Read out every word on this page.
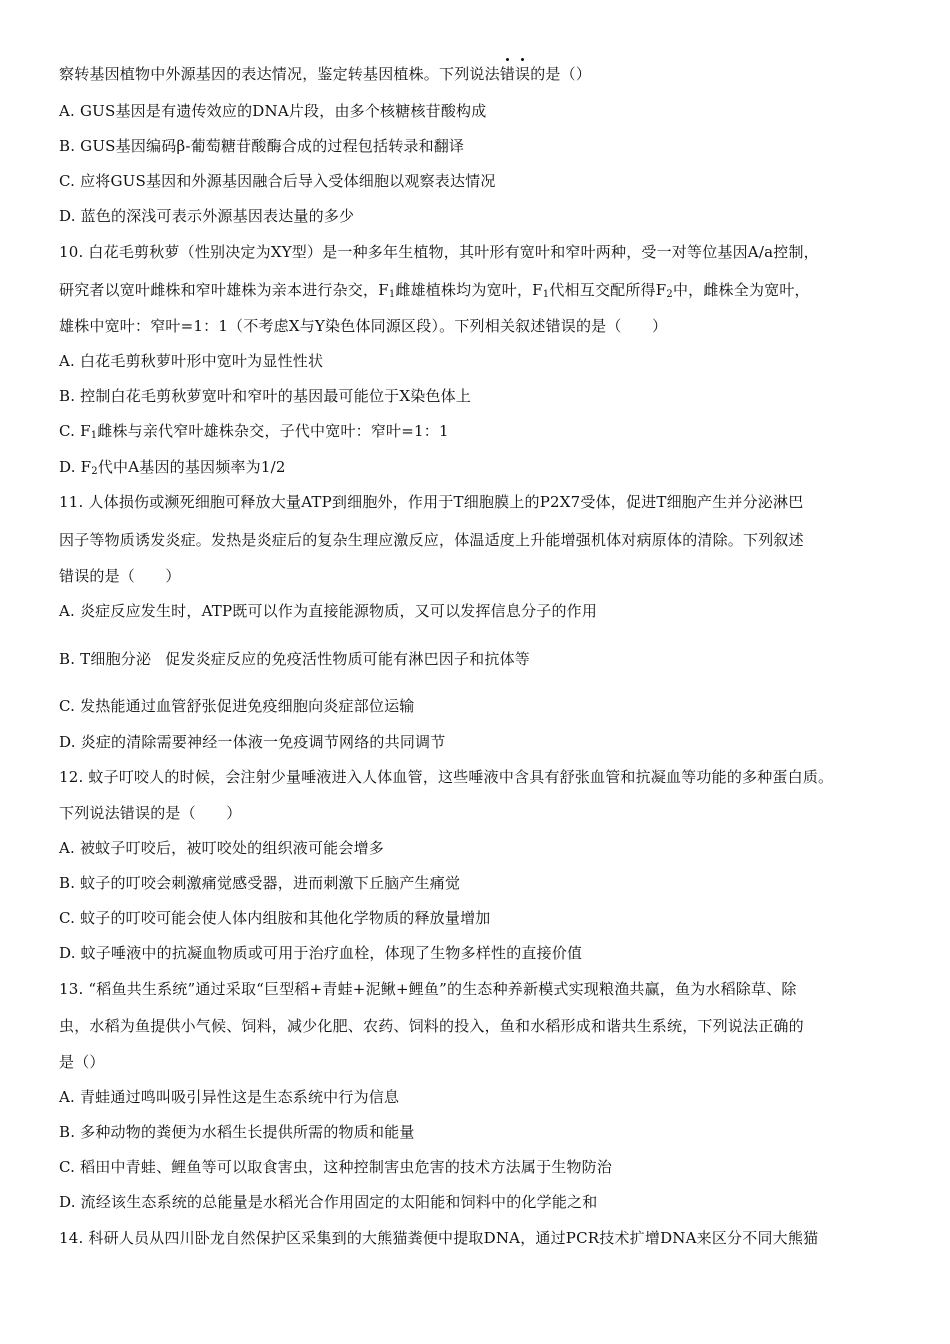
察转基因植物中外源基因的表达情况，鉴定转基因植株。下列说法错误的是（）
A. GUS基因是有遗传效应的DNA片段，由多个核糖核苷酸构成
B. GUS基因编码β-葡萄糖苷酸酶合成的过程包括转录和翻译
C. 应将GUS基因和外源基因融合后导入受体细胞以观察表达情况
D. 蓝色的深浅可表示外源基因表达量的多少
10. 白花毛剪秋萝（性别决定为XY型）是一种多年生植物，其叶形有宽叶和窄叶两种，受一对等位基因A/a控制，
研究者以宽叶雌株和窄叶雄株为亲本进行杂交，$F_1$雌雄植株均为宽叶，$F_1$代相互交配所得$F_2$中，雌株全为宽叶，
雄株中宽叶：窄叶=1：1（不考虑X与Y染色体同源区段）。下列相关叙述错误的是（　　）
A. 白花毛剪秋萝叶形中宽叶为显性性状
B. 控制白花毛剪秋萝宽叶和窄叶的基因最可能位于X染色体上
C. $F_1$雌株与亲代窄叶雄株杂交，子代中宽叶：窄叶=1：1
D. $F_2$代中A基因的基因频率为1/2
11. 人体损伤或濒死细胞可释放大量ATP到细胞外，作用于T细胞膜上的P2X7受体，促进T细胞产生并分泌淋巴
因子等物质诱发炎症。发热是炎症后的复杂生理应激反应，体温适度上升能增强机体对病原体的清除。下列叙述
错误的是（　　）
A. 炎症反应发生时，ATP既可以作为直接能源物质，又可以发挥信息分子的作用
B. T细胞分泌 促发炎症反应的免疫活性物质可能有淋巴因子和抗体等
C. 发热能通过血管舒张促进免疫细胞向炎症部位运输
D. 炎症的清除需要神经一体液一免疫调节网络的共同调节
12. 蚊子叮咬人的时候，会注射少量唾液进入人体血管，这些唾液中含具有舒张血管和抗凝血等功能的多种蛋白质。
下列说法错误的是（　　）
A. 被蚊子叮咬后，被叮咬处的组织液可能会增多
B. 蚊子的叮咬会刺激痛觉感受器，进而刺激下丘脑产生痛觉
C. 蚊子的叮咬可能会使人体内组胺和其他化学物质的释放量增加
D. 蚊子唾液中的抗凝血物质或可用于治疗血栓，体现了生物多样性的直接价值
13. “稻鱼共生系统”通过采取“巨型稻+青蛙+泥鳅+鲤鱼”的生态种养新模式实现粮渔共赢，鱼为水稻除草、除
虫，水稻为鱼提供小气候、饲料，减少化肥、农药、饲料的投入，鱼和水稻形成和谐共生系统，下列说法正确的
是（）
A. 青蛙通过鸣叫吸引异性这是生态系统中行为信息
B. 多种动物的粪便为水稻生长提供所需的物质和能量
C. 稻田中青蛙、鲤鱼等可以取食害虫，这种控制害虫危害的技术方法属于生物防治
D. 流经该生态系统的总能量是水稻光合作用固定的太阳能和饲料中的化学能之和
14. 科研人员从四川卧龙自然保护区采集到的大熊猫粪便中提取DNA，通过PCR技术扩增DNA来区分不同大熊猫
